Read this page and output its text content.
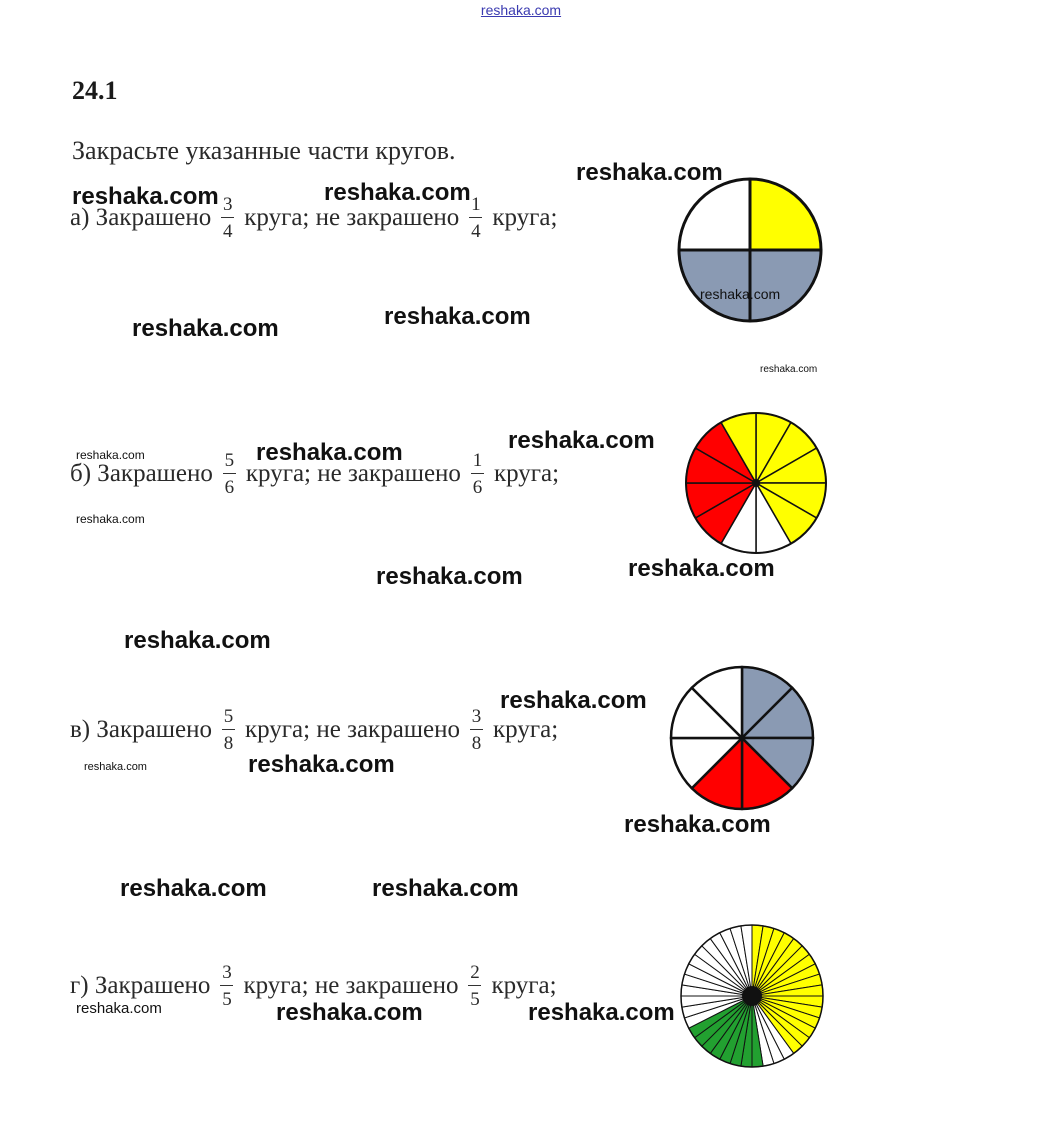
reshaka.com
24.1
Закрасьте указанные части кругов.
а)
Закрашено $\frac{3}{4}$ круга;
не закрашено $\frac{1}{4}$ круга;
б)
Закрашено $\frac{5}{6}$ круга;
не закрашено $\frac{1}{6}$ круга;
в)
Закрашено $\frac{5}{8}$ круга;
не закрашено $\frac{3}{8}$ круга;
г)
Закрашено $\frac{3}{5}$ круга;
не закрашено $\frac{2}{5}$ круга;
reshaka.com
reshaka.com	reshaka.com
reshaka.com
reshaka.com
reshaka.com
reshaka.com
reshaka.com
reshaka.com
reshaka.com
reshaka.com
reshaka.com
reshaka.com
reshaka.com
reshaka.com
reshaka.com
reshaka.com
reshaka.com
reshaka.com	reshaka.com
reshaka.com	reshaka.com	reshaka.com
